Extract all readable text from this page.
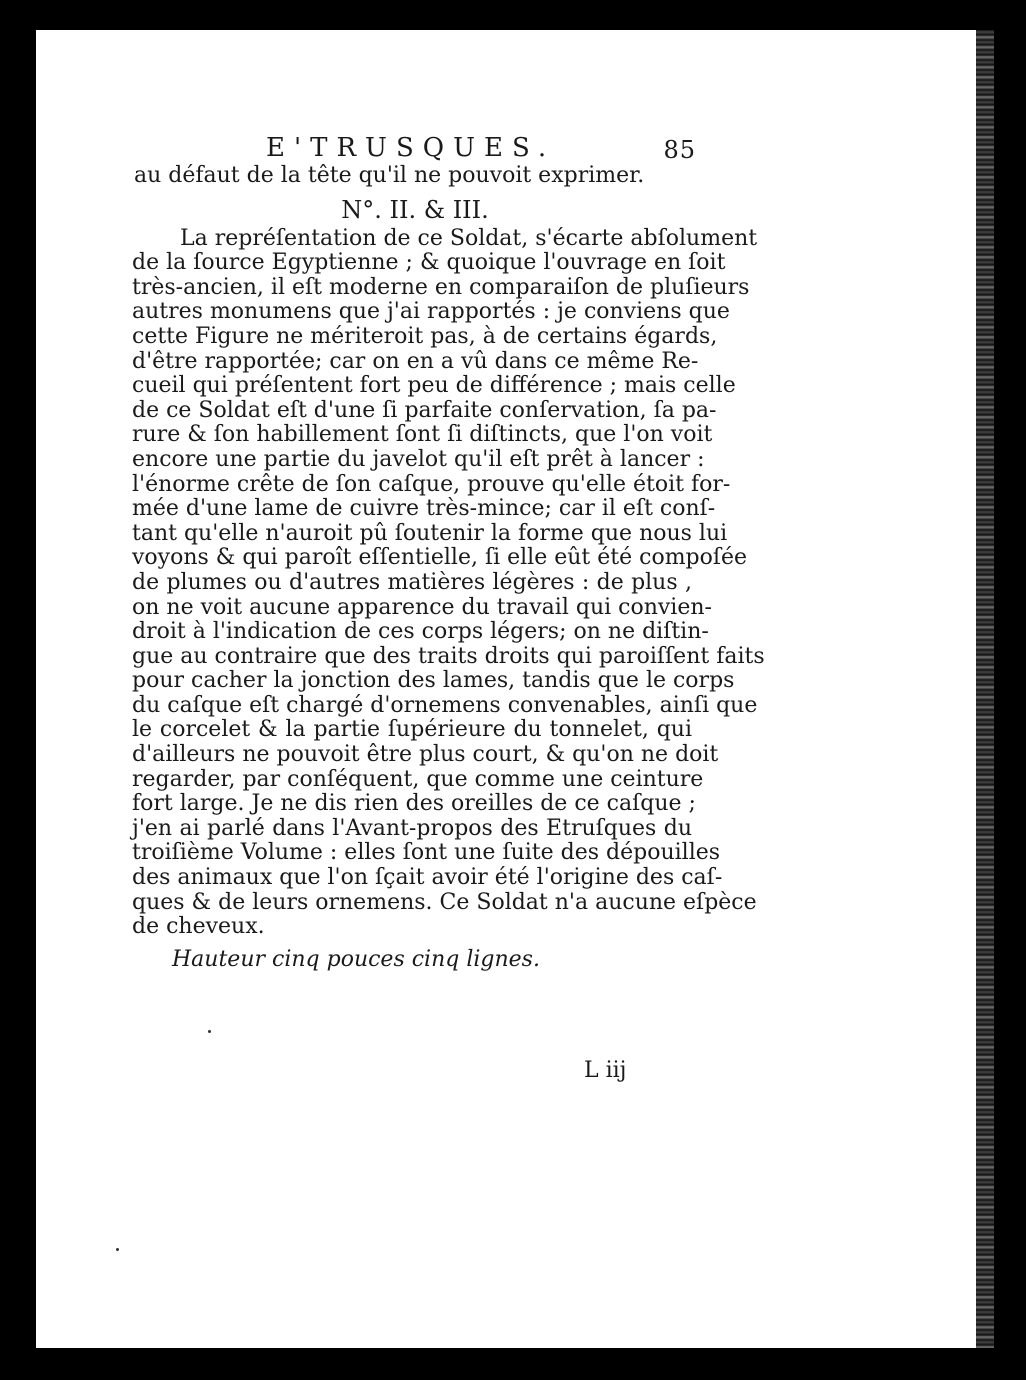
E'TRUSQUES.	85
au défaut de la tête qu'il ne pouvoit exprimer.
N°. II. & III.
La repréſentation de ce Soldat, s'écarte abſolument
de la ſource Egyptienne ; & quoique l'ouvrage en ſoit
très-ancien, il eſt moderne en comparaiſon de pluſieurs
autres monumens que j'ai rapportés : je conviens que
cette Figure ne mériteroit pas, à de certains égards,
d'être rapportée; car on en a vû dans ce même Re-
cueil qui préſentent fort peu de différence ; mais celle
de ce Soldat eſt d'une ſi parfaite conſervation, ſa pa-
rure & ſon habillement ſont ſi diſtincts, que l'on voit
encore une partie du javelot qu'il eſt prêt à lancer :
l'énorme crête de ſon caſque, prouve qu'elle étoit for-
mée d'une lame de cuivre très-mince; car il eſt conſ-
tant qu'elle n'auroit pû ſoutenir la forme que nous lui
voyons & qui paroît eſſentielle, ſi elle eût été compoſée
de plumes ou d'autres matières légères : de plus ,
on ne voit aucune apparence du travail qui convien-
droit à l'indication de ces corps légers; on ne diſtin-
gue au contraire que des traits droits qui paroiſſent faits
pour cacher la jonction des lames, tandis que le corps
du caſque eſt chargé d'ornemens convenables, ainſi que
le corcelet & la partie ſupérieure du tonnelet, qui
d'ailleurs ne pouvoit être plus court, & qu'on ne doit
regarder, par conſéquent, que comme une ceinture
fort large. Je ne dis rien des oreilles de ce caſque ;
j'en ai parlé dans l'Avant-propos des Etruſques du
troiſième Volume : elles ſont une ſuite des dépouilles
des animaux que l'on ſçait avoir été l'origine des caſ-
ques & de leurs ornemens. Ce Soldat n'a aucune eſpèce
de cheveux.
Hauteur cinq pouces cinq lignes.
L iij
